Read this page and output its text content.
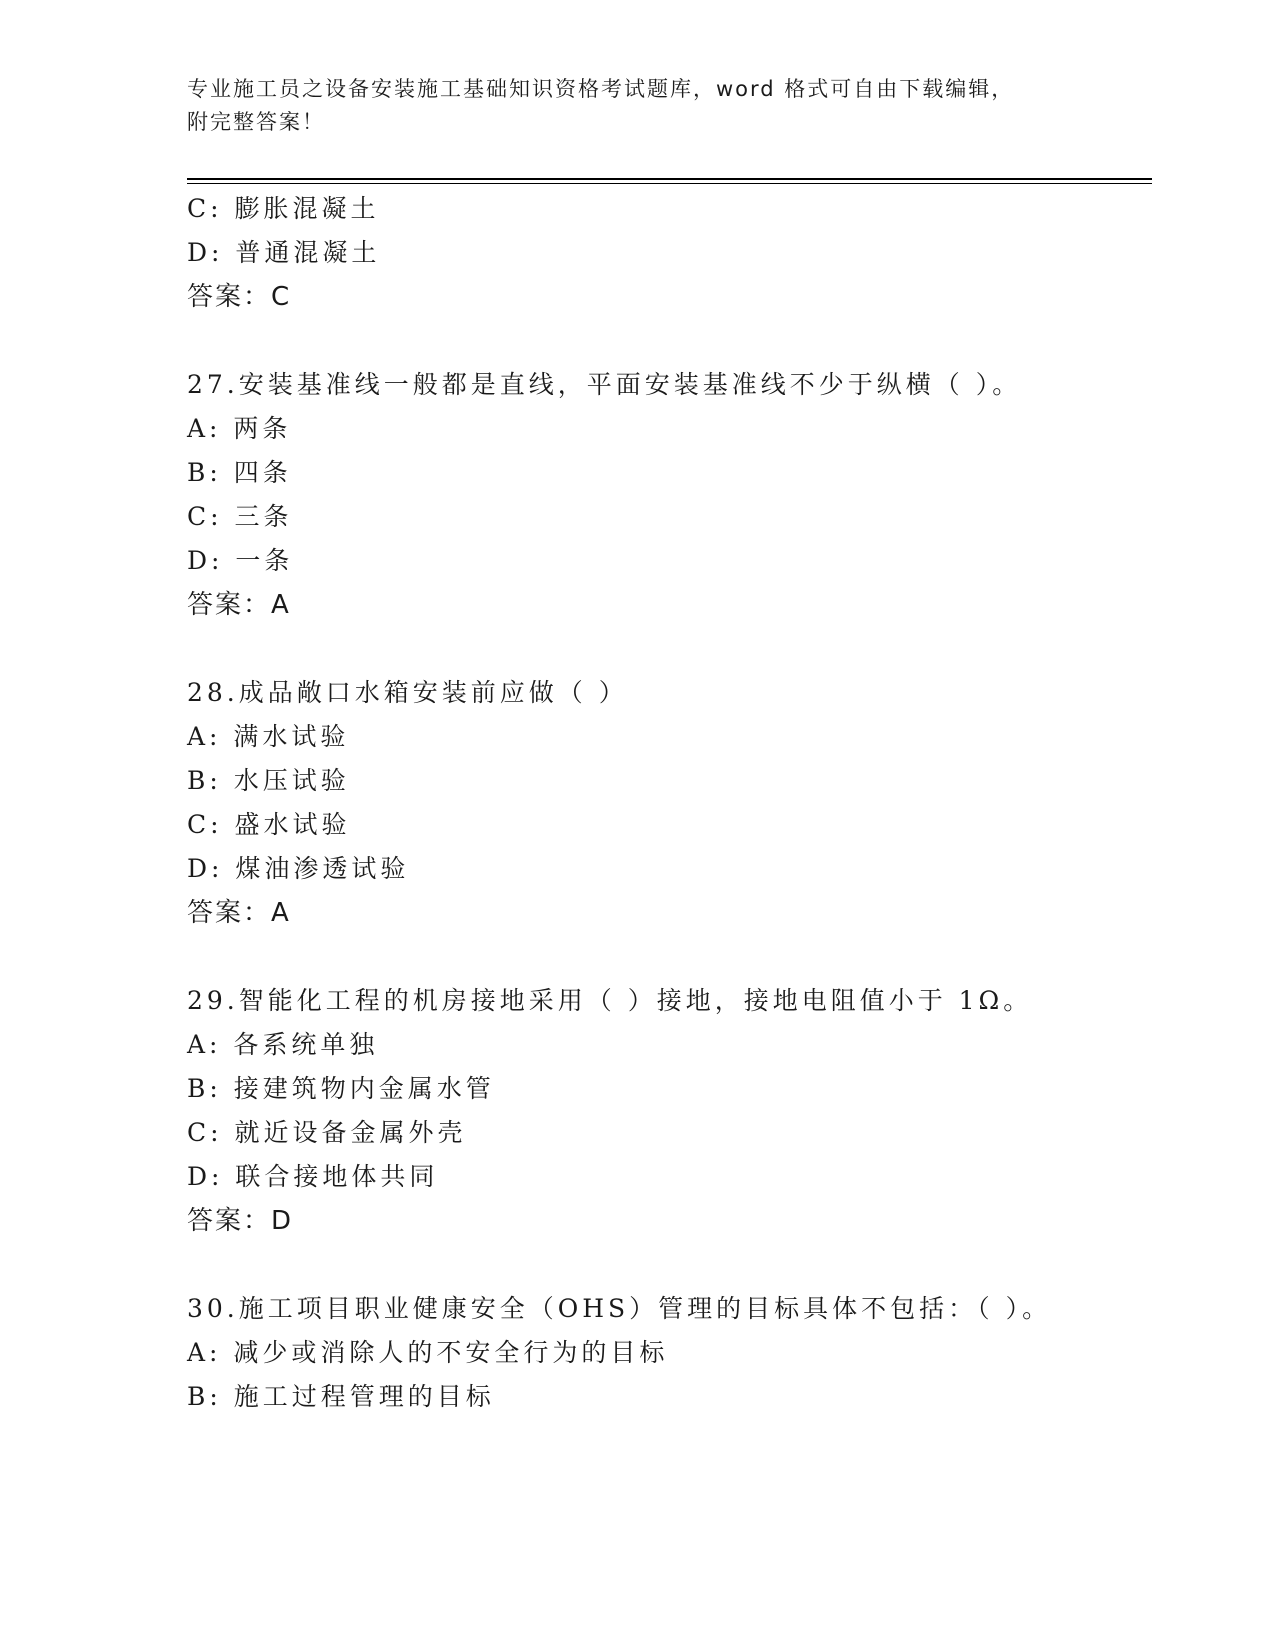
专业施工员之设备安装施工基础知识资格考试题库，word 格式可自由下载编辑，
附完整答案！
C: 膨胀混凝土
D: 普通混凝土
答案：C
27.安装基准线一般都是直线，平面安装基准线不少于纵横（ ）。
A: 两条
B: 四条
C: 三条
D: 一条
答案：A
28.成品敞口水箱安装前应做（ ）
A: 满水试验
B: 水压试验
C: 盛水试验
D: 煤油渗透试验
答案：A
29.智能化工程的机房接地采用（ ）接地，接地电阻值小于 1Ω。
A: 各系统单独
B: 接建筑物内金属水管
C: 就近设备金属外壳
D: 联合接地体共同
答案：D
30.施工项目职业健康安全（OHS）管理的目标具体不包括：（ ）。
A: 减少或消除人的不安全行为的目标
B: 施工过程管理的目标
